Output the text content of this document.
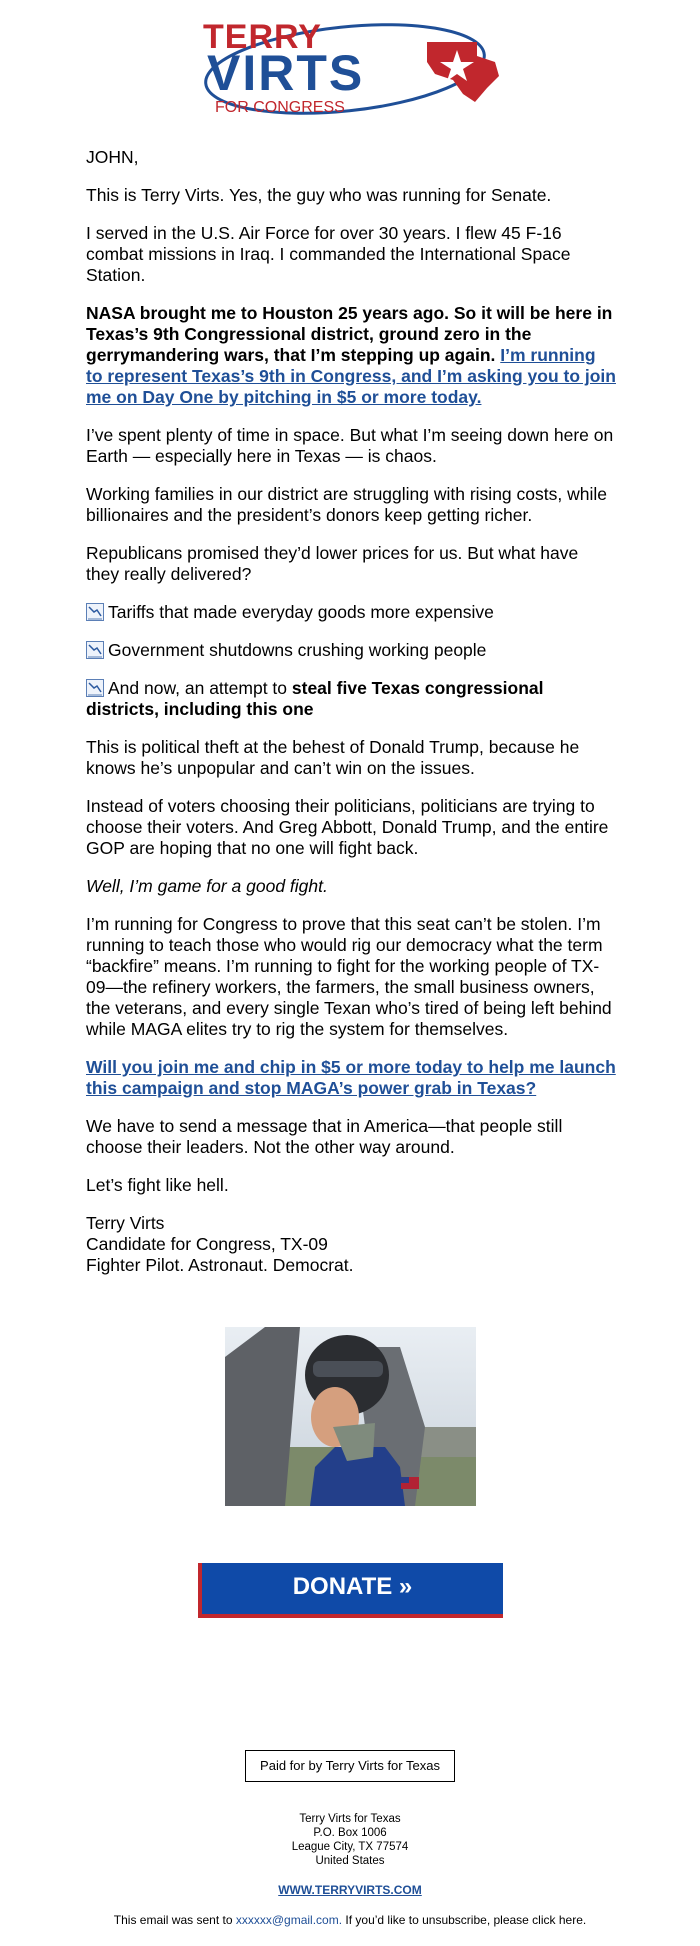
TERRY
VIRTS
FOR CONGRESS

JOHN,

This is Terry Virts. Yes, the guy who was running for Senate.

I served in the U.S. Air Force for over 30 years. I flew 45 F-16 combat missions in Iraq. I commanded the International Space Station.

NASA brought me to Houston 25 years ago. So it will be here in Texas’s 9th Congressional district, ground zero in the gerrymandering wars, that I’m stepping up again. I’m running to represent Texas’s 9th in Congress, and I’m asking you to join me on Day One by pitching in $5 or more today.

I’ve spent plenty of time in space. But what I’m seeing down here on Earth — especially here in Texas — is chaos.

Working families in our district are struggling with rising costs, while billionaires and the president’s donors keep getting richer.

Republicans promised they’d lower prices for us. But what have they really delivered?

Tariffs that made everyday goods more expensive

Government shutdowns crushing working people

And now, an attempt to steal five Texas congressional districts, including this one

This is political theft at the behest of Donald Trump, because he knows he’s unpopular and can’t win on the issues.

Instead of voters choosing their politicians, politicians are trying to choose their voters. And Greg Abbott, Donald Trump, and the entire GOP are hoping that no one will fight back.

Well, I’m game for a good fight.

I’m running for Congress to prove that this seat can’t be stolen. I’m running to teach those who would rig our democracy what the term “backfire” means. I’m running to fight for the working people of TX-09—the refinery workers, the farmers, the small business owners, the veterans, and every single Texan who’s tired of being left behind while MAGA elites try to rig the system for themselves.

Will you join me and chip in $5 or more today to help me launch this campaign and stop MAGA’s power grab in Texas?

We have to send a message that in America—that people still choose their leaders. Not the other way around.

Let’s fight like hell.

Terry Virts
Candidate for Congress, TX-09
Fighter Pilot. Astronaut. Democrat.

DONATE »
Paid for by Terry Virts for Texas
Terry Virts for Texas
P.O. Box 1006
League City, TX 77574
United States
WWW.TERRYVIRTS.COM
This email was sent to xxxxxx@gmail.com. If you’d like to unsubscribe, please click here.
